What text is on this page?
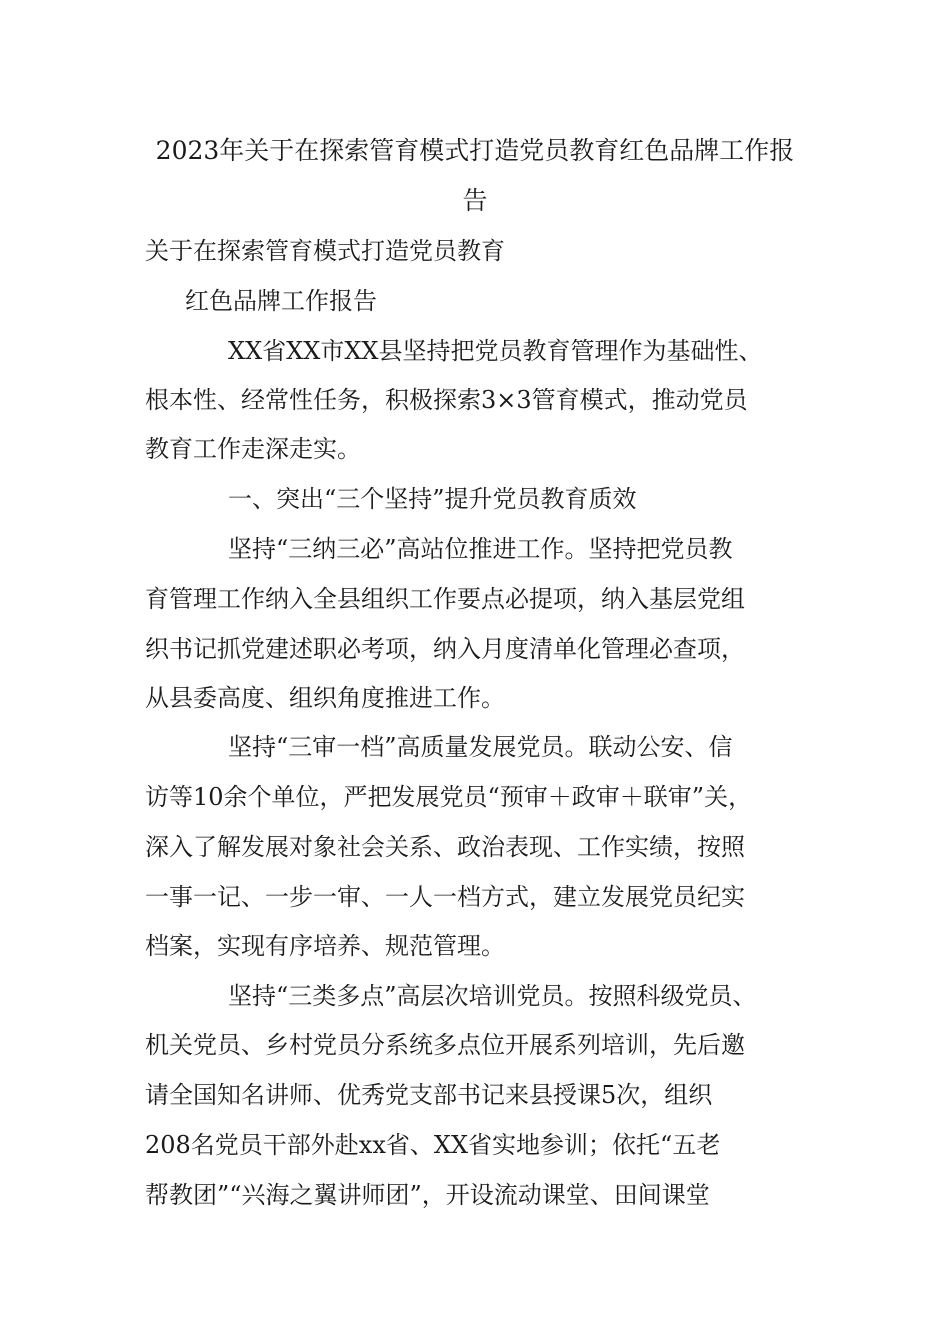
2023年关于在探索管育模式打造党员教育红色品牌工作报
告

关于在探索管育模式打造党员教育

红色品牌工作报告

XX省XX市XX县坚持把党员教育管理作为基础性、

根本性、经常性任务，积极探索3×3管育模式，推动党员

教育工作走深走实。

一、突出“三个坚持”提升党员教育质效

坚持“三纳三必”高站位推进工作。坚持把党员教

育管理工作纳入全县组织工作要点必提项，纳入基层党组

织书记抓党建述职必考项，纳入月度清单化管理必查项，

从县委高度、组织角度推进工作。

坚持“三审一档”高质量发展党员。联动公安、信

访等10余个单位，严把发展党员“预审＋政审＋联审”关，

深入了解发展对象社会关系、政治表现、工作实绩，按照

一事一记、一步一审、一人一档方式，建立发展党员纪实

档案，实现有序培养、规范管理。

坚持“三类多点”高层次培训党员。按照科级党员、

机关党员、乡村党员分系统多点位开展系列培训，先后邀

请全国知名讲师、优秀党支部书记来县授课5次，组织

208名党员干部外赴xx省、XX省实地参训；依托“五老

帮教团”“兴海之翼讲师团”，开设流动课堂、田间课堂
